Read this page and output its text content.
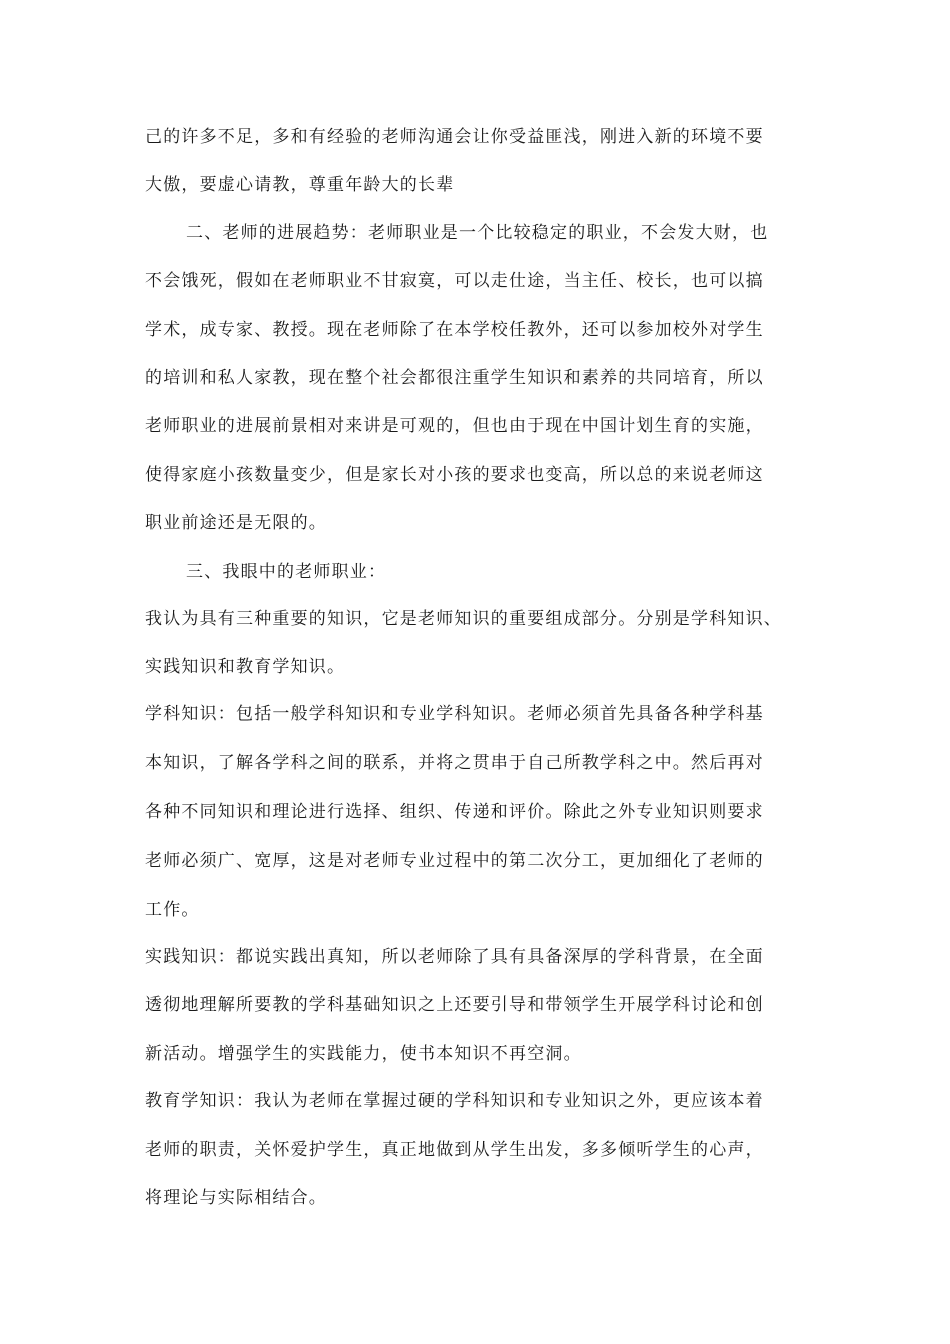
己的许多不足，多和有经验的老师沟通会让你受益匪浅，刚进入新的环境不要

大傲，要虚心请教，尊重年龄大的长辈

二、老师的进展趋势：老师职业是一个比较稳定的职业，不会发大财，也

不会饿死，假如在老师职业不甘寂寞，可以走仕途，当主任、校长，也可以搞

学术，成专家、教授。现在老师除了在本学校任教外，还可以参加校外对学生

的培训和私人家教，现在整个社会都很注重学生知识和素养的共同培育，所以

老师职业的进展前景相对来讲是可观的，但也由于现在中国计划生育的实施，

使得家庭小孩数量变少，但是家长对小孩的要求也变高，所以总的来说老师这

职业前途还是无限的。

三、我眼中的老师职业：

我认为具有三种重要的知识，它是老师知识的重要组成部分。分别是学科知识、

实践知识和教育学知识。

学科知识：包括一般学科知识和专业学科知识。老师必须首先具备各种学科基

本知识，了解各学科之间的联系，并将之贯串于自己所教学科之中。然后再对

各种不同知识和理论进行选择、组织、传递和评价。除此之外专业知识则要求

老师必须广、宽厚，这是对老师专业过程中的第二次分工，更加细化了老师的

工作。

实践知识：都说实践出真知，所以老师除了具有具备深厚的学科背景，在全面

透彻地理解所要教的学科基础知识之上还要引导和带领学生开展学科讨论和创

新活动。增强学生的实践能力，使书本知识不再空洞。

教育学知识：我认为老师在掌握过硬的学科知识和专业知识之外，更应该本着

老师的职责，关怀爱护学生，真正地做到从学生出发，多多倾听学生的心声，

将理论与实际相结合。
